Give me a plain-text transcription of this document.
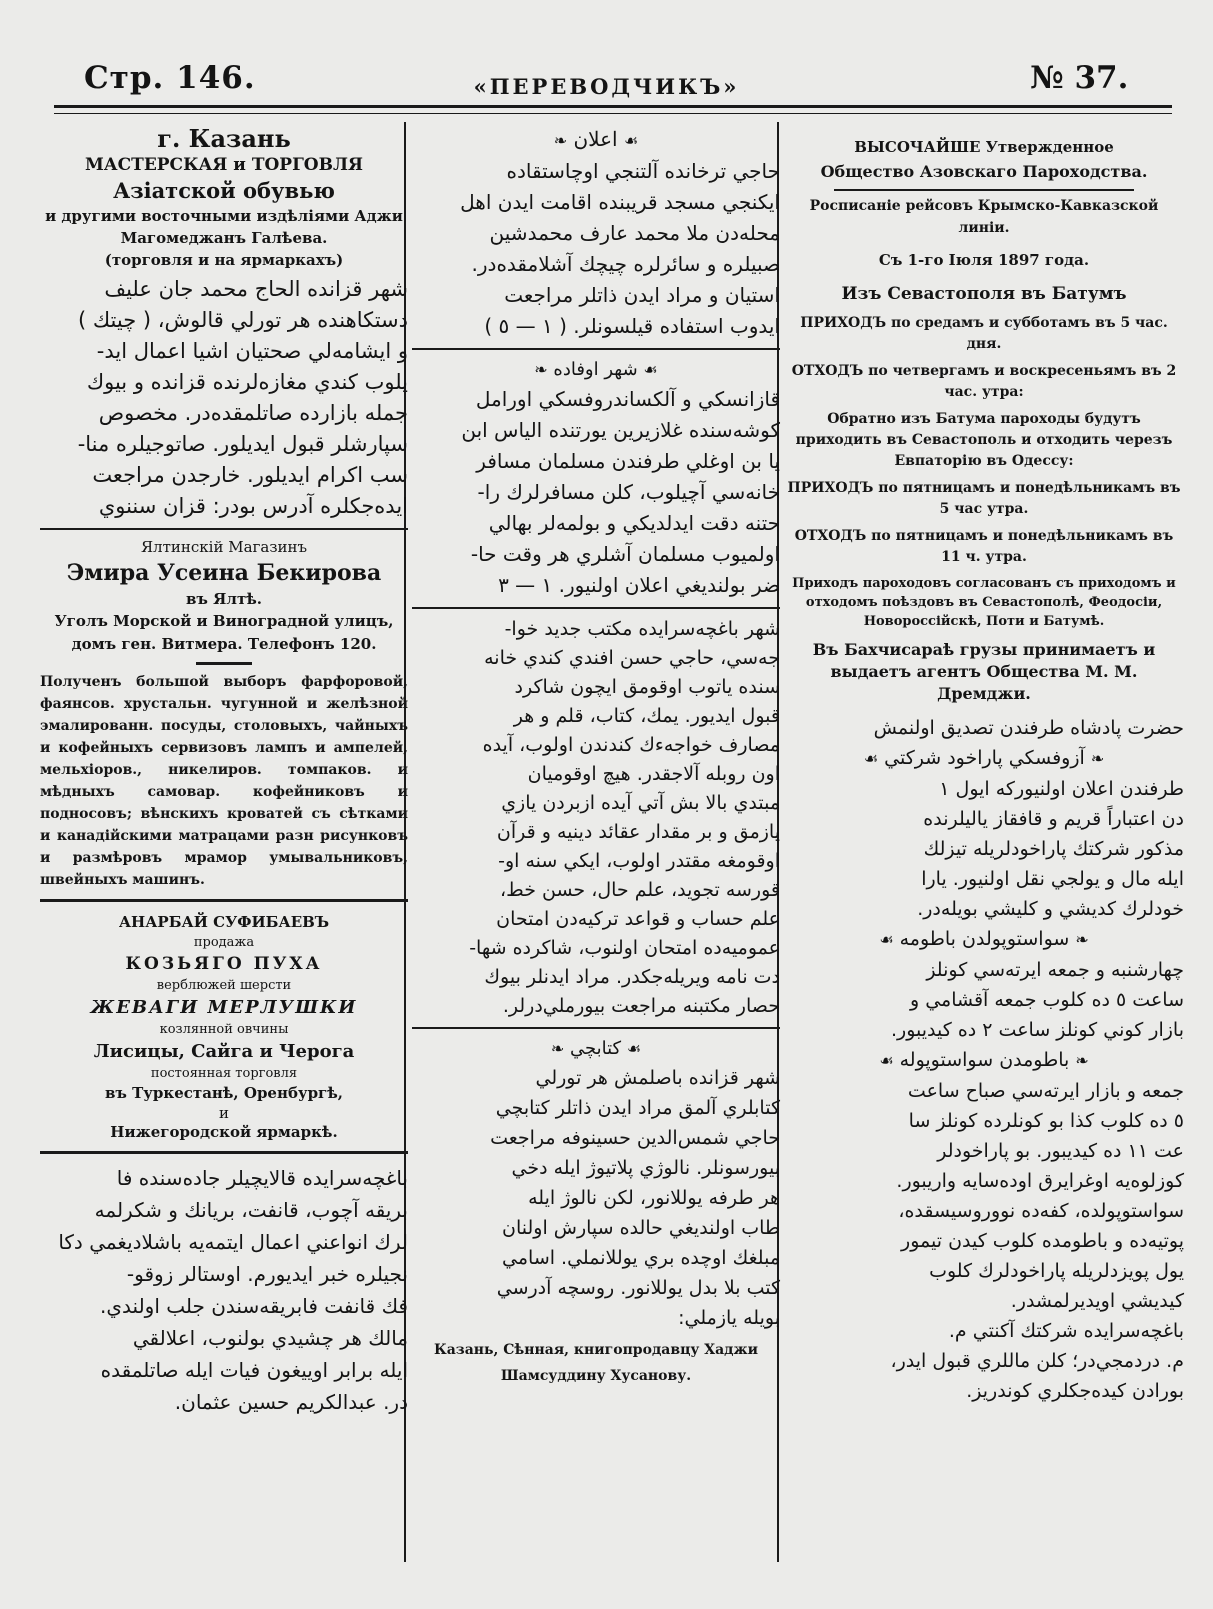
Стр. 146.	«ПЕРЕВОДЧИКЪ»	№ 37.
г. Казань
МАСТЕРСКАЯ и ТОРГОВЛЯ
Азіатской обувью
и другими восточными издѣліями Аджи Магомеджанъ Галѣева.
(торговля и на ярмаркахъ)
شهر قزانده الحاج محمد جان عليف
دستكاهنده هر تورلي قالوش، ( چيتك )
و ايشامه‌لي صحتيان اشيا اعمال ايد-
يلوب كندي مغازه‌لرنده قزانده و بيوك
جمله بازارده صاتلمقده‌در. مخصوص
سپارشلر قبول ايديلور. صاتوجيلره منا-
سب اكرام ايديلور. خارجدن مراجعت
ايده‌جكلره آدرس بودر: قزان سننوي
Ялтинскій Магазинъ
Эмира Усеина Бекирова
въ Ялтѣ.
Уголъ Морской и Виноградной улицъ, домъ ген. Витмера. Телефонъ 120.
Полученъ большой выборъ фарфоровой, фаянсов. хрустальн. чугунной и желѣзной эмалированн. посуды, столовыхъ, чайныхъ и кофейныхъ сервизовъ лампъ и ампелей, мельхіоров., никелиров. томпаков. и мѣдныхъ самовар. кофейниковъ и подносовъ; вѣнскихъ кроватей съ сѣтками и канадійскими матрацами разн рисунковъ и размѣровъ мрамор умывальниковъ, швейныхъ машинъ.
АНАРБАЙ СУФИБАЕВЪ
продажа
КОЗЬЯГО ПУХА
верблюжей шерсти
ЖЕВАГИ МЕРЛУШКИ
козлянной овчины
Лисицы, Сайга и Черога
постоянная торговля
въ Туркестанѣ, Оренбургѣ,
и
Нижегородской ярмаркѣ.
باغچه‌سرايده قالايچيلر جاده‌سنده فا
بريقه آچوب، قانفت، بريانك و شكرلمه
لرك انواعني اعمال ايتمه‌يه باشلاديغمي دكا
نجيلره خبر ايديورم. اوستالر زوقو-
فك قانفت فابريقه‌سندن جلب اولندي.
مالك هر چشيدي بولنوب، اعلالقي
ايله برابر اوييغون فيات ايله صاتلمقده
در. عبدالكريم حسين عثمان.
❧ اعلان ☙
حاجي ترخانده آلتنجي اوچاستقاده
ايكنجي مسجد قريبنده اقامت ايدن اهل
محله‌دن ملا محمد عارف محمدشين
صبيلره و سائرلره چيچك آشلامقده‌در.
استيان و مراد ايدن ذاتلر مراجعت
ايدوب استفاده قيلسونلر. ( ١ — ٥ )
❧ شهر اوفاده ☙
قازانسكي و آلكساندروفسكي اورامل
كوشه‌سنده غلازيرين يورتنده الياس ابن
يا بن اوغلي طرفندن مسلمان مسافر
خانه‌سي آچيلوب، كلن مسافرلرك را-
حتنه دقت ايدلديكي و بولمه‌لر بهالي
اولميوب مسلمان آشلري هر وقت حا-
ضر بولنديغي اعلان اولنيور. ١ — ٣
شهر باغچه‌سرايده مكتب جديد خوا-
جه‌سي، حاجي حسن افندي كندي خانه
سنده ياتوب اوقومق ايچون شاكرد
قبول ايديور. يمك، كتاب، قلم و هر
مصارف خواجه‌ءك كندندن اولوب، آيده
اون روبله آلاجقدر. هيچ اوقوميان
مبتدي بالا بش آتي آيده ازبردن يازي
يازمق و بر مقدار عقائد دينيه و قرآن
اوقومغه مقتدر اولوب، ايكي سنه او-
قورسه تجويد، علم حال، حسن خط،
علم حساب و قواعد تركيه‌دن امتحان
عموميه‌ده امتحان اولنوب، شاكرده شها-
دت نامه ويريله‌جكدر. مراد ايدنلر بيوك
حصار مكتبنه مراجعت بيورملي‌درلر.
❧ كتابچي ☙
شهر قزانده باصلمش هر تورلي
كتابلري آلمق مراد ايدن ذاتلر كتابچي
حاجي شمس‌الدين حسينوفه مراجعت
بيورسونلر. نالوژي پلاتيوژ ايله دخي
هر طرفه يوللانور، لكن نالوژ ايله
طاب اولنديغي حالده سپارش اولنان
مبلغك اوچده بري يوللانملي. اسامي
كتب بلا بدل يوللانور. روسچه آدرسي
بويله يازملي:
Казань, Сѣнная, книгопродавцу Хаджи
Шамсуддину Хусанову.
ВЫСОЧАЙШЕ Утвержденное
Общество Азовскаго Пароходства.
Росписаніе рейсовъ Крымско-Кавказской линіи.
Съ 1-го Іюля 1897 года.
Изъ Севастополя въ Батумъ
ПРИХОДЪ по средамъ и субботамъ въ 5 час. дня.
ОТХОДЪ по четвергамъ и воскресеньямъ въ 2 час. утра:
Обратно изъ Батума пароходы будутъ приходить въ Севастополь и отходить черезъ Евпаторію въ Одессу:
ПРИХОДЪ по пятницамъ и понедѣльникамъ въ 5 час утра.
ОТХОДЪ по пятницамъ и понедѣльникамъ въ 11 ч. утра.
Приходъ пароходовъ согласованъ съ приходомъ и отходомъ поѣздовъ въ Севастополѣ, Феодосіи, Новороссійскѣ, Поти и Батумѣ.
Въ Бахчисараѣ грузы принимаетъ и выдаетъ агентъ Общества М. М. Дремджи.
حضرت پادشاه طرفندن تصديق اولنمش
❧ آزوفسكي پاراخود شركتي ☙
طرفندن اعلان اولنيوركه ايول ١
دن اعتباراً قريم و قافقاز ياليلرنده
مذكور شركتك پاراخودلريله تيزلك
ايله مال و يولجي نقل اولنيور. يارا
خودلرك كديشي و كليشي بويله‌در.
❧ سواستوپولدن باطومه ☙
چهارشنبه و جمعه ايرته‌سي كونلز
ساعت ٥ ده كلوب جمعه آقشامي و
بازار كوني كونلز ساعت ٢ ده كيديبور.
❧ باطومدن سواستوپوله ☙
جمعه و بازار ايرته‌سي صباح ساعت
٥ ده كلوب كذا بو كونلرده كونلز سا
عت ١١ ده كيديبور. بو پاراخودلر
كوزلوه‌يه اوغرايرق اوده‌سايه واريبور.
سواستوپولده، كفه‌ده نووروسيسقده،
پوتيه‌ده و باطومده كلوب كيدن تيمور
يول پويزدلريله پاراخودلرك كلوب
كيديشي اويديرلمشدر.
باغچه‌سرايده شركتك آكنتي م.
م. دردمجي‌در؛ كلن ماللري قبول ايدر،
بورادن كيده‌جكلري كوندريز.
